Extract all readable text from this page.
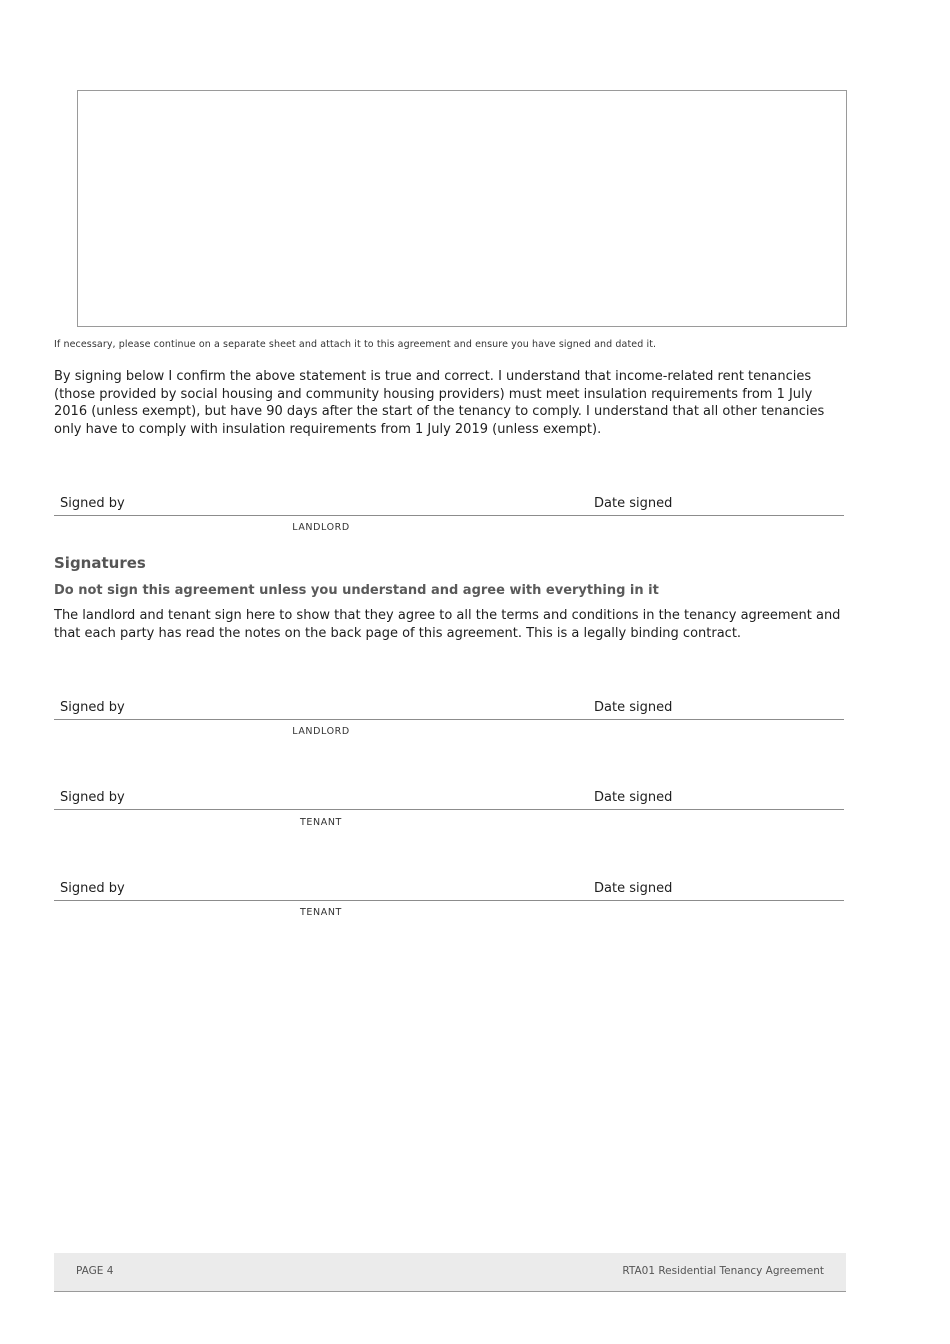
If necessary, please continue on a separate sheet and attach it to this agreement and ensure you have signed and dated it.
By signing below I confirm the above statement is true and correct. I understand that income-related rent tenancies (those provided by social housing and community housing providers) must meet insulation requirements from 1 July 2016 (unless exempt), but have 90 days after the start of the tenancy to comply. I understand that all other tenancies only have to comply with insulation requirements from 1 July 2019 (unless exempt).
Signed by	Date signed
LANDLORD
Signatures
Do not sign this agreement unless you understand and agree with everything in it
The landlord and tenant sign here to show that they agree to all the terms and conditions in the tenancy agreement and that each party has read the notes on the back page of this agreement. This is a legally binding contract.
Signed by	Date signed
LANDLORD
Signed by	Date signed
TENANT
Signed by	Date signed
TENANT
PAGE 4	RTA01 Residential Tenancy Agreement
